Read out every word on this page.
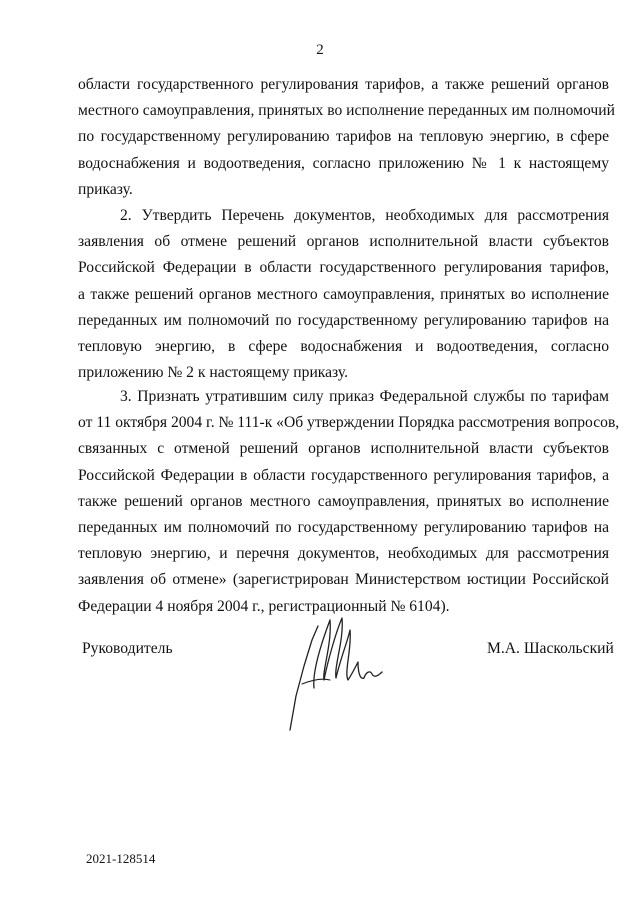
2
области государственного регулирования тарифов, а также решений органов
местного самоуправления, принятых во исполнение переданных им полномочий
по государственному регулированию тарифов на тепловую энергию, в сфере
водоснабжения и водоотведения, согласно приложению № 1 к настоящему
приказу.
2. Утвердить Перечень документов, необходимых для рассмотрения
заявления об отмене решений органов исполнительной власти субъектов
Российской Федерации в области государственного регулирования тарифов,
а также решений органов местного самоуправления, принятых во исполнение
переданных им полномочий по государственному регулированию тарифов на
тепловую энергию, в сфере водоснабжения и водоотведения, согласно
приложению № 2 к настоящему приказу.
3. Признать утратившим силу приказ Федеральной службы по тарифам
от 11 октября 2004 г. № 111-к «Об утверждении Порядка рассмотрения вопросов,
связанных с отменой решений органов исполнительной власти субъектов
Российской Федерации в области государственного регулирования тарифов, а
также решений органов местного самоуправления, принятых во исполнение
переданных им полномочий по государственному регулированию тарифов на
тепловую энергию, и перечня документов, необходимых для рассмотрения
заявления об отмене» (зарегистрирован Министерством юстиции Российской
Федерации 4 ноября 2004 г., регистрационный № 6104).
Руководитель	М.А. Шаскольский
2021-128514
